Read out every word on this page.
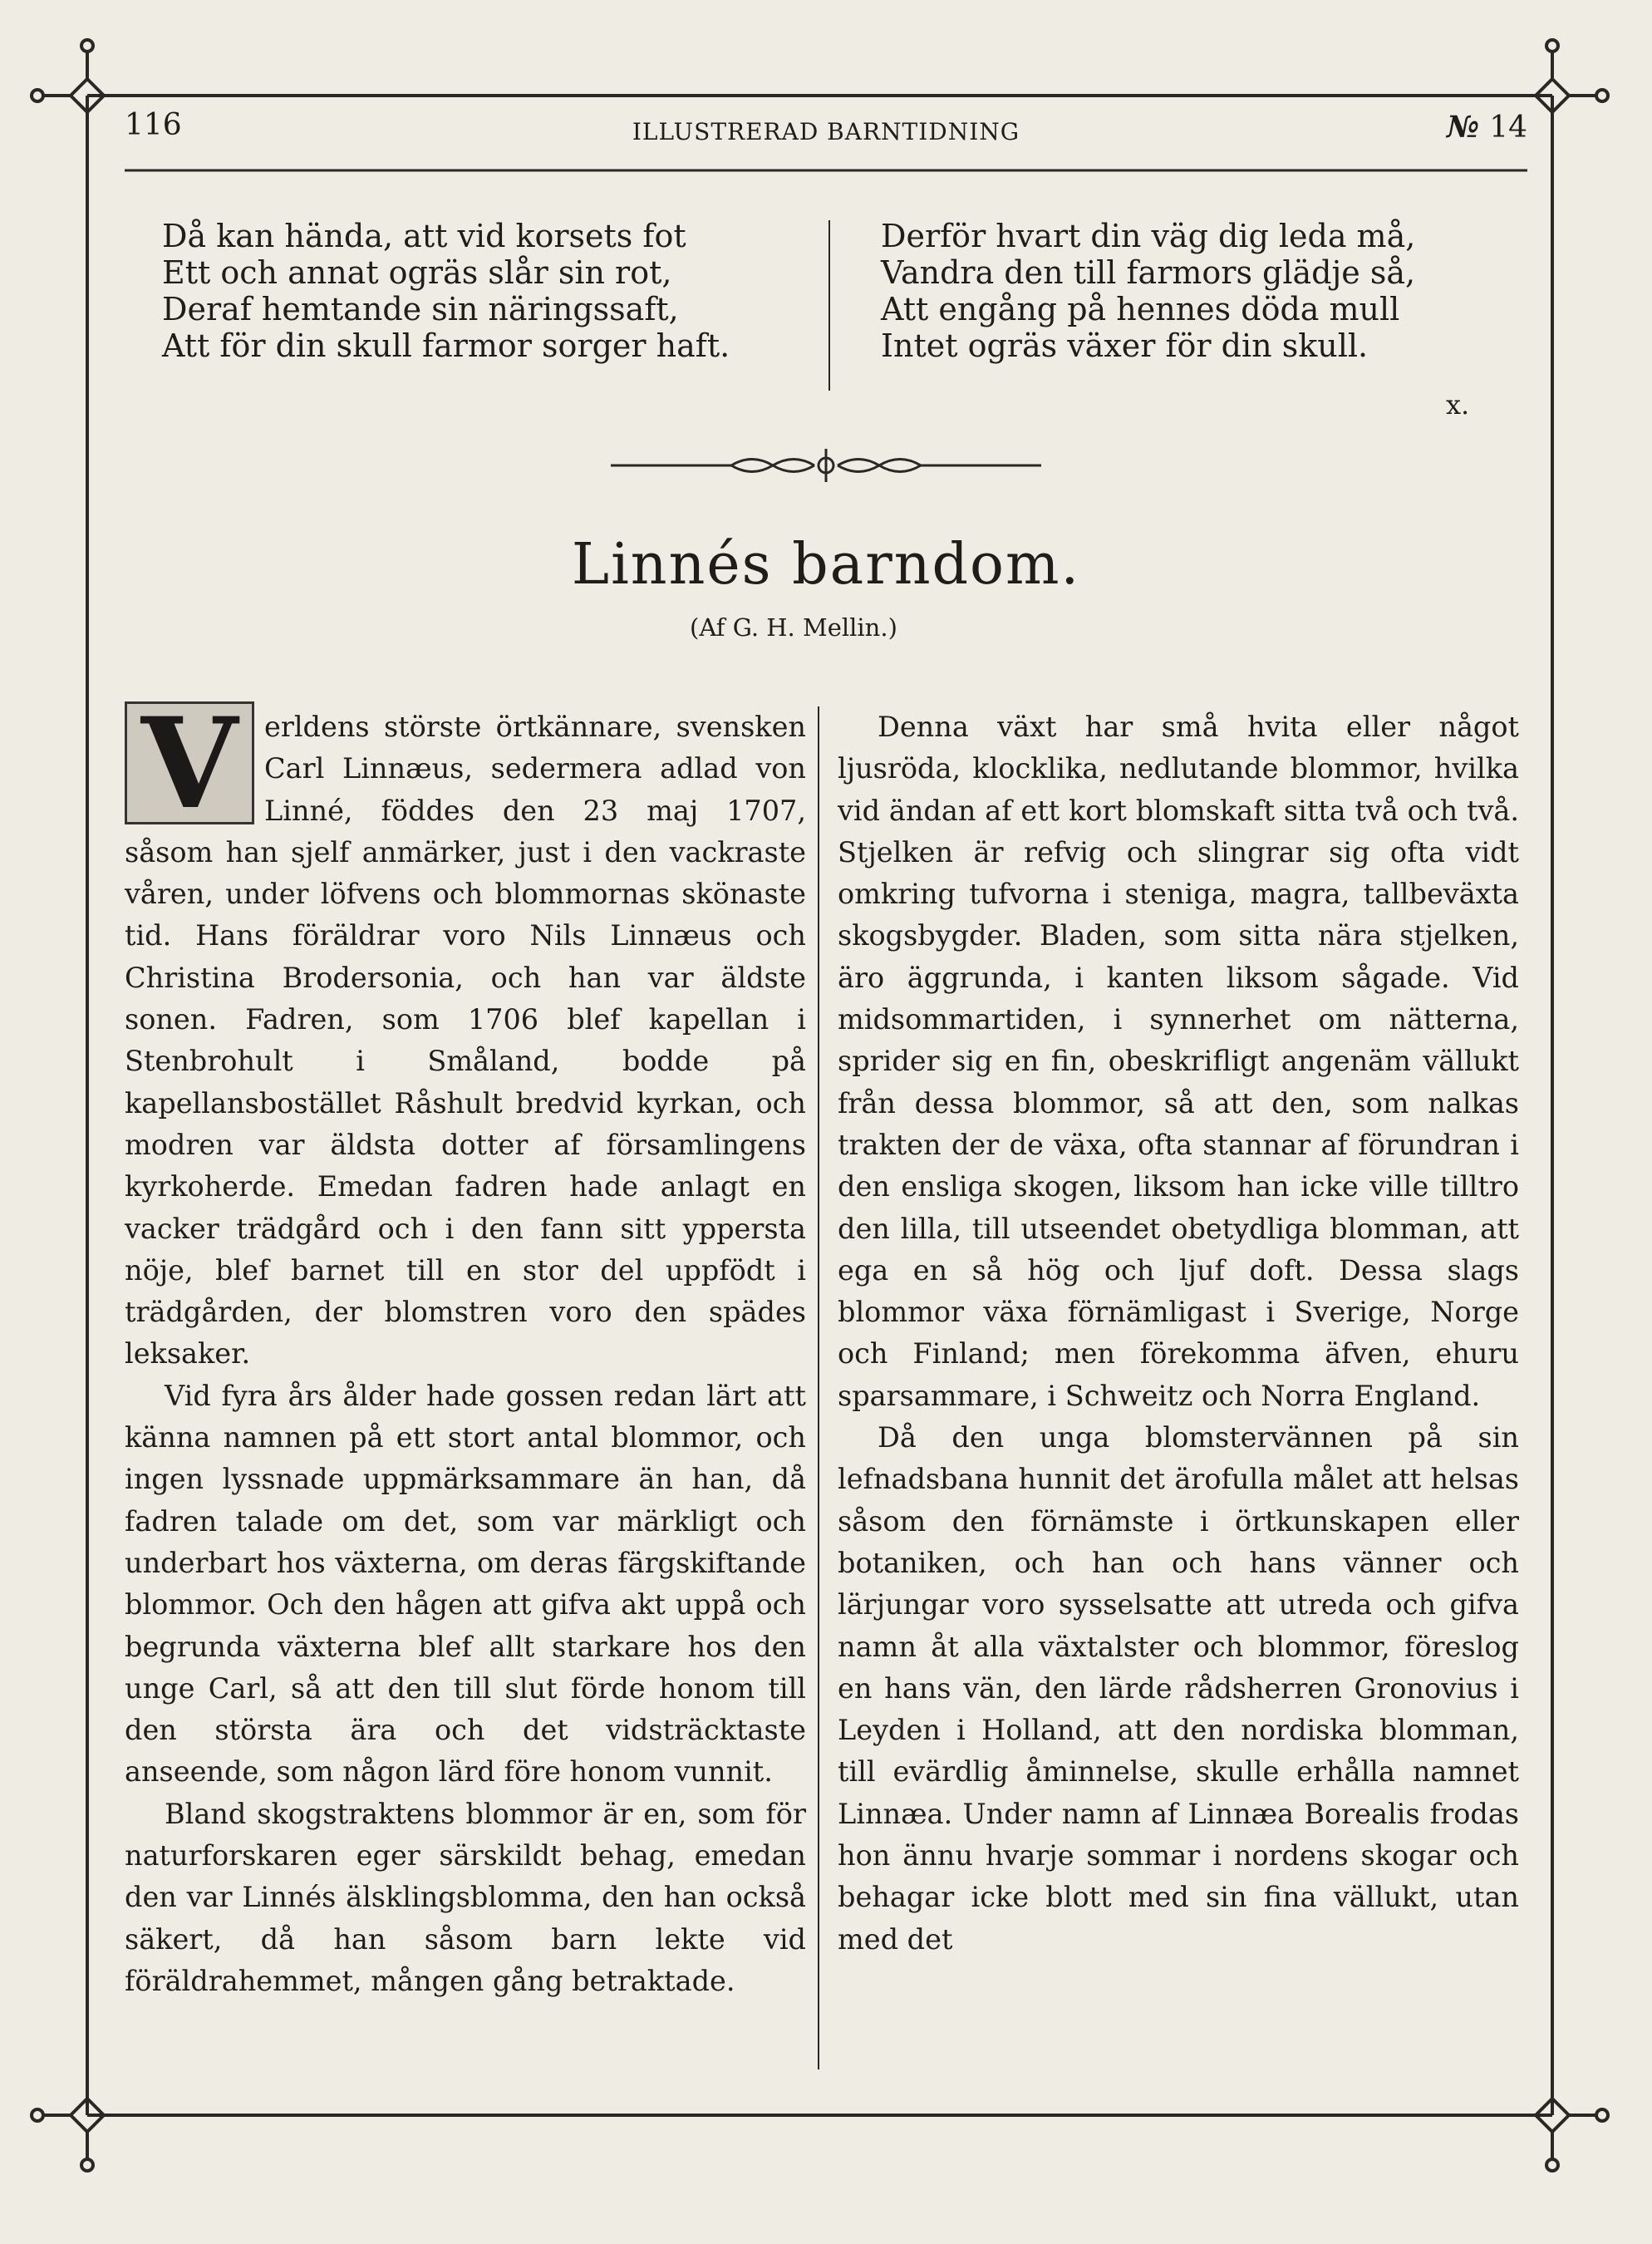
116	ILLUSTRERAD BARNTIDNING	№ 14
Då kan hända, att vid korsets fot
Ett och annat ogräs slår sin rot,
Deraf hemtande sin näringssaft,
Att för din skull farmor sorger haft.
Derför hvart din väg dig leda må,
Vandra den till farmors glädje så,
Att engång på hennes döda mull
Intet ogräs växer för din skull.
x.
Linnés barndom.
(Af G. H. Mellin.)

V erldens störste örtkännare, svensken Carl Linnæus, sedermera adlad von Linné, föddes den 23 maj 1707, såsom han sjelf anmärker, just i den vackraste våren, under löfvens och blommornas skönaste tid. Hans föräldrar voro Nils Linnæus och Christina Brodersonia, och han var äldste sonen. Fadren, som 1706 blef kapellan i Stenbrohult i Småland, bodde på kapellansbostället Råshult bredvid kyrkan, och modren var äldsta dotter af församlingens kyrkoherde. Emedan fadren hade anlagt en vacker trädgård och i den fann sitt yppersta nöje, blef barnet till en stor del uppfödt i trädgården, der blomstren voro den spädes leksaker.

Vid fyra års ålder hade gossen redan lärt att känna namnen på ett stort antal blommor, och ingen lyssnade uppmärksammare än han, då fadren talade om det, som var märkligt och underbart hos växterna, om deras färgskiftande blommor. Och den hågen att gifva akt uppå och begrunda växterna blef allt starkare hos den unge Carl, så att den till slut förde honom till den största ära och det vidsträcktaste anseende, som någon lärd före honom vunnit.

Bland skogstraktens blommor är en, som för naturforskaren eger särskildt behag, emedan den var Linnés älsklingsblomma, den han också säkert, då han såsom barn lekte vid föräldrahemmet, mången gång betraktade.

Denna växt har små hvita eller något ljusröda, klocklika, nedlutande blommor, hvilka vid ändan af ett kort blomskaft sitta två och två. Stjelken är refvig och slingrar sig ofta vidt omkring tufvorna i steniga, magra, tallbeväxta skogsbygder. Bladen, som sitta nära stjelken, äro äggrunda, i kanten liksom sågade. Vid midsommartiden, i synnerhet om nätterna, sprider sig en fin, obeskrifligt angenäm vällukt från dessa blommor, så att den, som nalkas trakten der de växa, ofta stannar af förundran i den ensliga skogen, liksom han icke ville tilltro den lilla, till utseendet obetydliga blomman, att ega en så hög och ljuf doft. Dessa slags blommor växa förnämligast i Sverige, Norge och Finland; men förekomma äfven, ehuru sparsammare, i Schweitz och Norra England.

Då den unga blomstervännen på sin lefnadsbana hunnit det ärofulla målet att helsas såsom den förnämste i örtkunskapen eller botaniken, och han och hans vänner och lärjungar voro sysselsatte att utreda och gifva namn åt alla växtalster och blommor, föreslog en hans vän, den lärde rådsherren Gronovius i Leyden i Holland, att den nordiska blomman, till evärdlig åminnelse, skulle erhålla namnet Linnæa. Under namn af Linnæa Borealis frodas hon ännu hvarje sommar i nordens skogar och behagar icke blott med sin fina vällukt, utan med det
